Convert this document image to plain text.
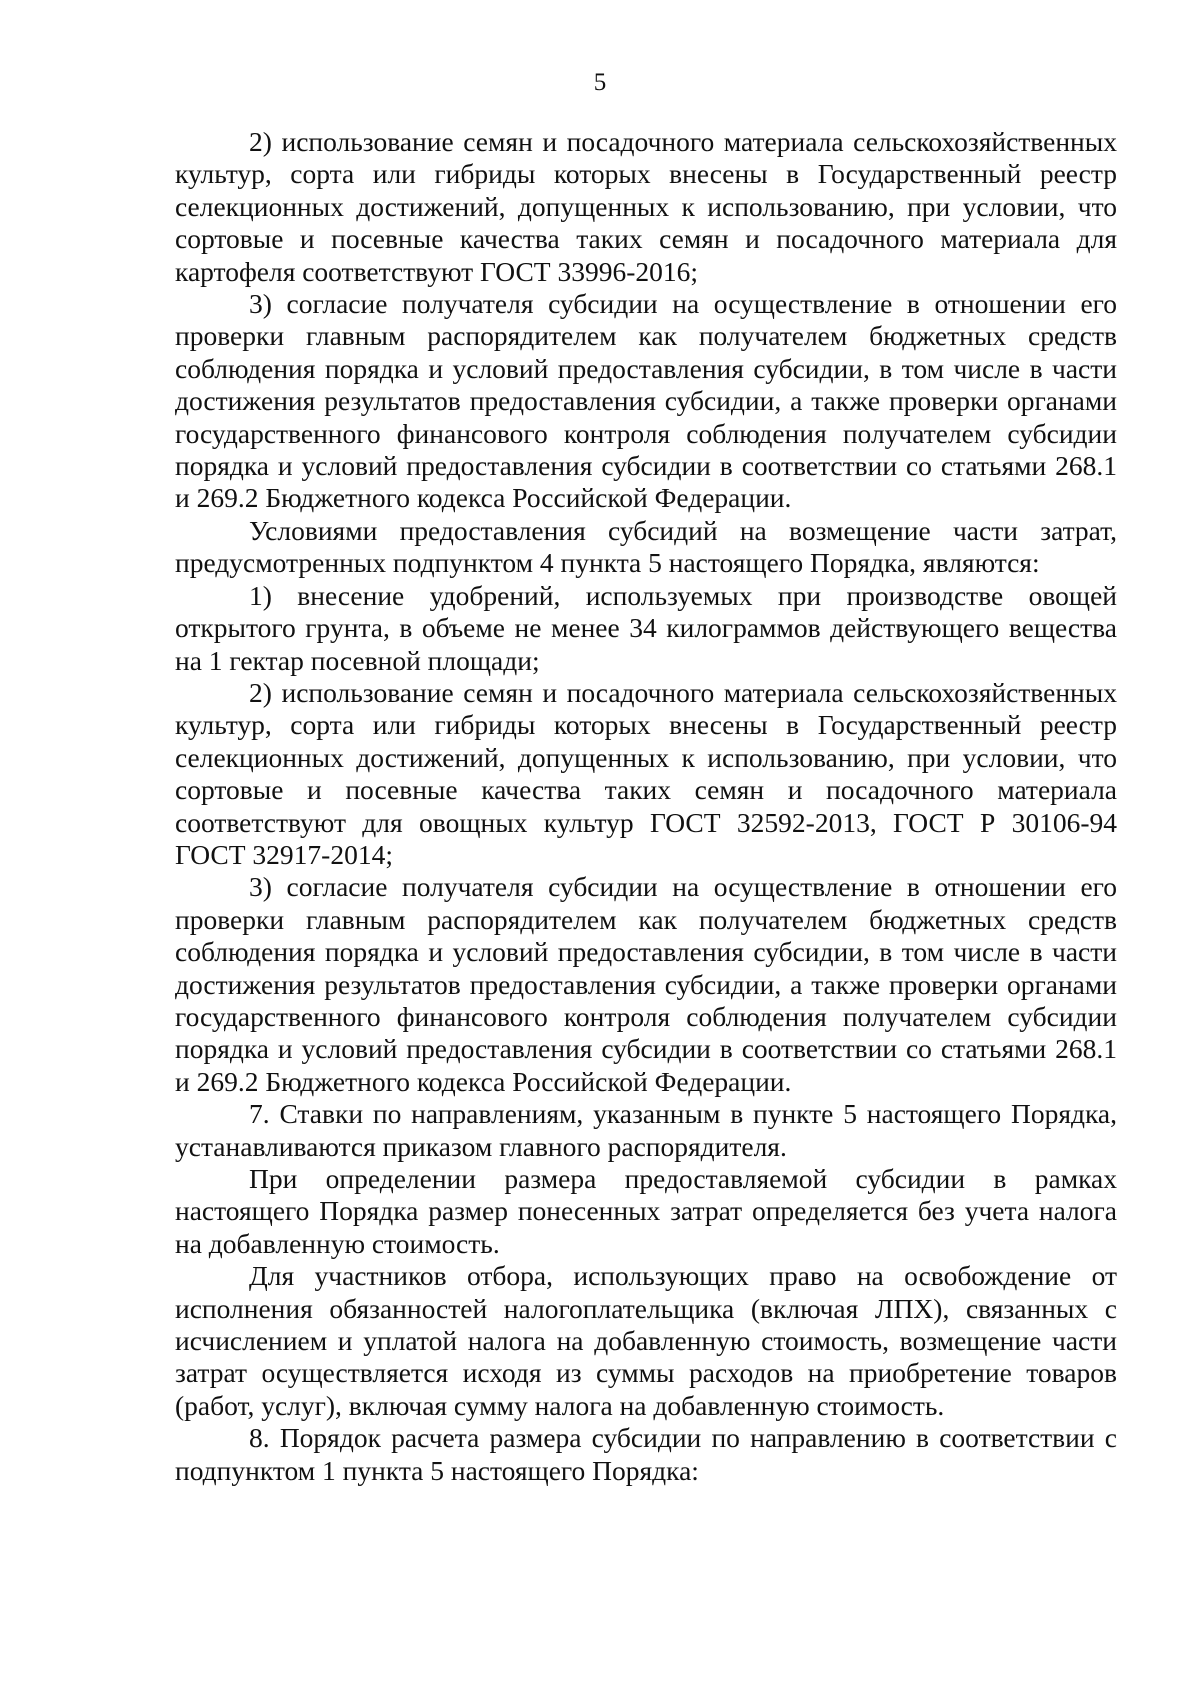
5

2) использование семян и посадочного материала сельскохозяйственных культур, сорта или гибриды которых внесены в Государственный реестр селекционных достижений, допущенных к использованию, при условии, что сортовые и посевные качества таких семян и посадочного материала для картофеля соответствуют ГОСТ 33996-2016;

3) согласие получателя субсидии на осуществление в отношении его проверки главным распорядителем как получателем бюджетных средств соблюдения порядка и условий предоставления субсидии, в том числе в части достижения результатов предоставления субсидии, а также проверки органами государственного финансового контроля соблюдения получателем субсидии порядка и условий предоставления субсидии в соответствии со статьями 268.1 и 269.2 Бюджетного кодекса Российской Федерации.

Условиями предоставления субсидий на возмещение части затрат, предусмотренных подпунктом 4 пункта 5 настоящего Порядка, являются:

1) внесение удобрений, используемых при производстве овощей открытого грунта, в объеме не менее 34 килограммов действующего вещества на 1 гектар посевной площади;

2) использование семян и посадочного материала сельскохозяйственных культур, сорта или гибриды которых внесены в Государственный реестр селекционных достижений, допущенных к использованию, при условии, что сортовые и посевные качества таких семян и посадочного материала соответствуют для овощных культур ГОСТ 32592-2013, ГОСТ Р 30106-94 ГОСТ 32917-2014;

3) согласие получателя субсидии на осуществление в отношении его проверки главным распорядителем как получателем бюджетных средств соблюдения порядка и условий предоставления субсидии, в том числе в части достижения результатов предоставления субсидии, а также проверки органами государственного финансового контроля соблюдения получателем субсидии порядка и условий предоставления субсидии в соответствии со статьями 268.1 и 269.2 Бюджетного кодекса Российской Федерации.

7. Ставки по направлениям, указанным в пункте 5 настоящего Порядка, устанавливаются приказом главного распорядителя.

При определении размера предоставляемой субсидии в рамках настоящего Порядка размер понесенных затрат определяется без учета налога на добавленную стоимость.

Для участников отбора, использующих право на освобождение от исполнения обязанностей налогоплательщика (включая ЛПХ), связанных с исчислением и уплатой налога на добавленную стоимость, возмещение части затрат осуществляется исходя из суммы расходов на приобретение товаров (работ, услуг), включая сумму налога на добавленную стоимость.

8. Порядок расчета размера субсидии по направлению в соответствии с подпунктом 1 пункта 5 настоящего Порядка:
